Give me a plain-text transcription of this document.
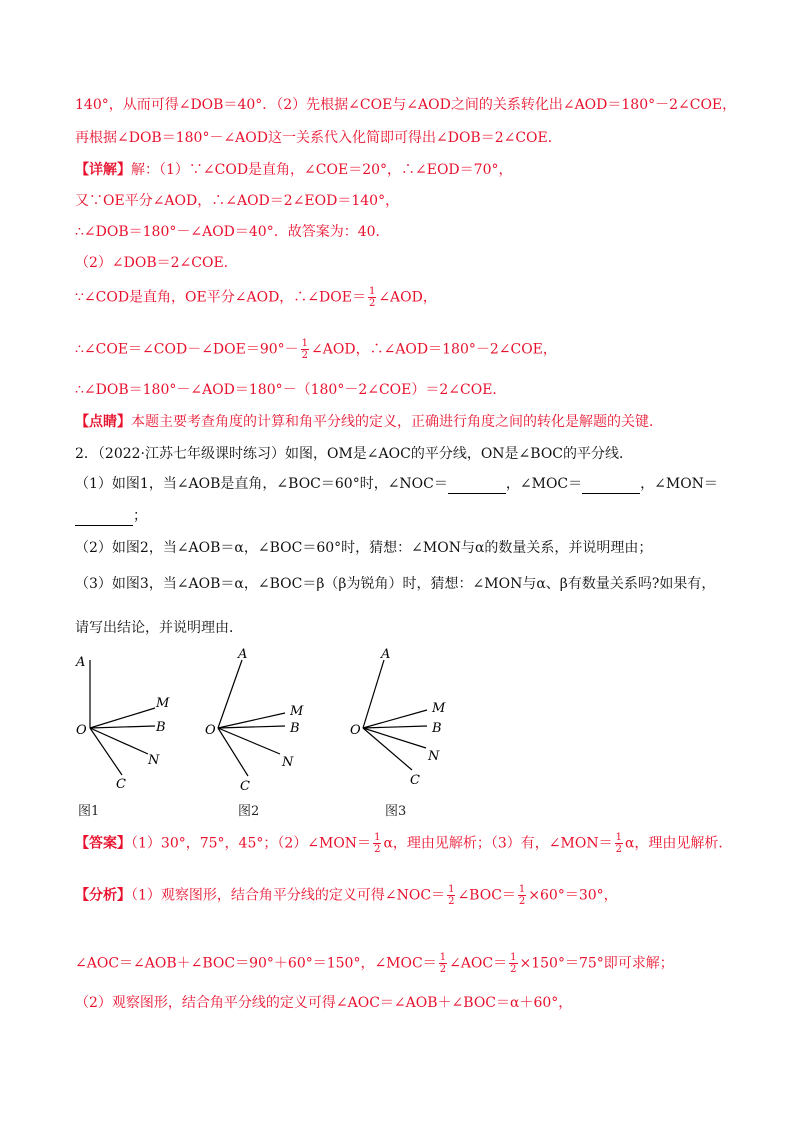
140°，从而可得∠DOB＝40°．（2）先根据∠COE与∠AOD之间的关系转化出∠AOD＝180°－2∠COE，
再根据∠DOB＝180°－∠AOD这一关系代入化简即可得出∠DOB＝2∠COE．
【详解】解：（1）∵∠COD是直角，∠COE＝20°，∴∠EOD＝70°，
又∵OE平分∠AOD，∴∠AOD＝2∠EOD＝140°，
∴∠DOB＝180°－∠AOD＝40°．故答案为：40．
（2）∠DOB＝2∠COE．
∵∠COD是直角，OE平分∠AOD，∴∠DOE＝ $\frac{1}{2}$ ∠AOD，
∴∠COE＝∠COD－∠DOE＝90°－ $\frac{1}{2}$ ∠AOD，∴∠AOD＝180°－2∠COE，
∴∠DOB＝180°－∠AOD＝180°－（180°－2∠COE）＝2∠COE．
【点睛】本题主要考查角度的计算和角平分线的定义，正确进行角度之间的转化是解题的关键．
2．（2022·江苏七年级课时练习）如图，OM是∠AOC的平分线，ON是∠BOC的平分线．
（1）如图1，当∠AOB是直角，∠BOC＝60°时，∠NOC＝	，∠MOC＝	，∠MON＝
；
（2）如图2，当∠AOB＝α，∠BOC＝60°时，猜想：∠MON与α的数量关系，并说明理由；
（3）如图3，当∠AOB＝α，∠BOC＝β（β为锐角）时，猜想：∠MON与α、β有数量关系吗?如果有，
请写出结论，并说明理由．
A
O
M
B
N
C
A
O
M
B
N
C
A
O
M
B
N
C
图1	图2	图3
【答案】（1）30°，75°，45°；（2）∠MON＝ $\frac{1}{2}$ α，理由见解析；（3）有，∠MON＝ $\frac{1}{2}$ α，理由见解析．
【分析】（1）观察图形，结合角平分线的定义可得∠NOC＝ $\frac{1}{2}$ ∠BOC＝ $\frac{1}{2} \times 60^\circ=30^\circ$，
∠AOC＝∠AOB＋∠BOC＝90°＋60°＝150°，∠MOC＝ $\frac{1}{2}$ ∠AOC＝ $\frac{1}{2} \times 150^\circ=75^\circ$即可求解；
（2）观察图形，结合角平分线的定义可得∠AOC＝∠AOB＋∠BOC＝α＋60°，
